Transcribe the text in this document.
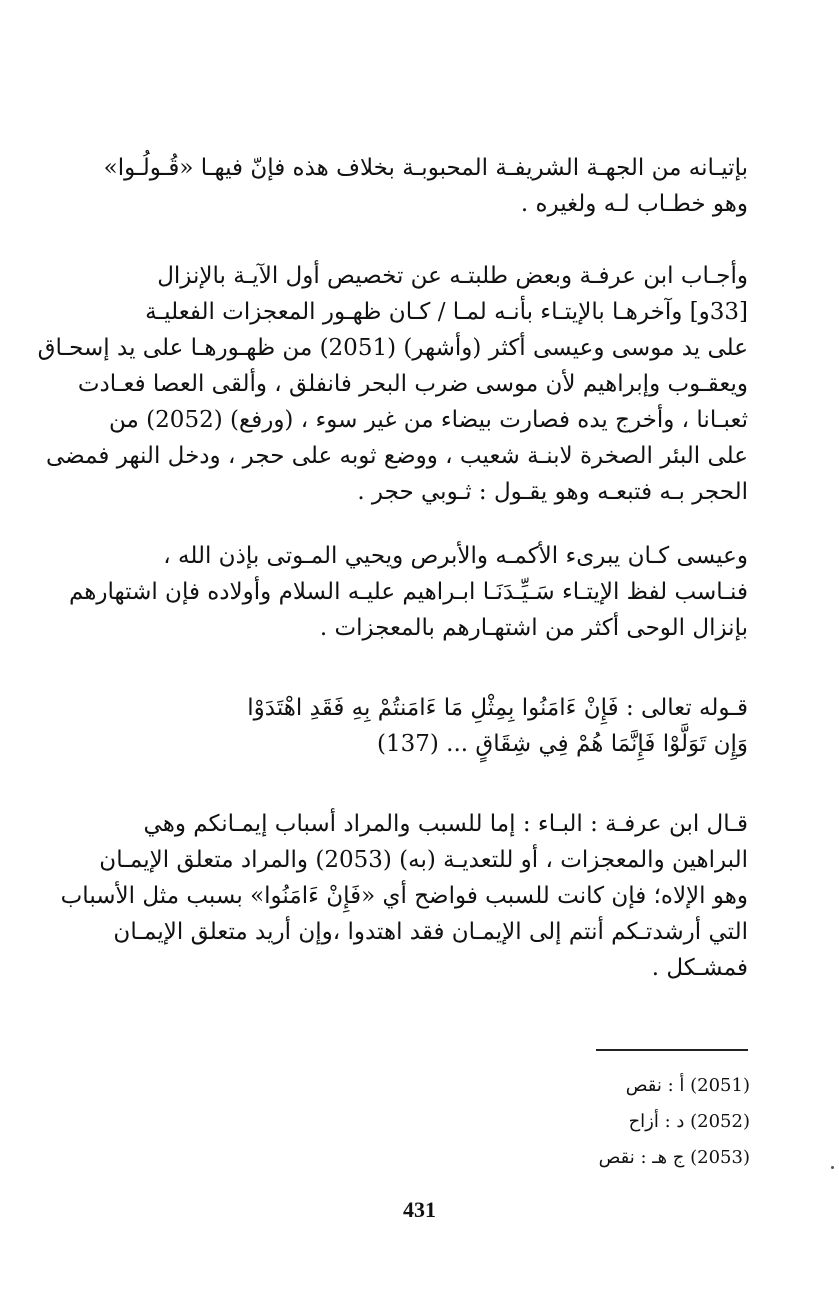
بإتيـانه من الجهـة الشريفـة المحبوبـة بخلاف هذه فإنّ فيهـا «قُـولُـوا»
وهو خطـاب لـه ولغيره .
وأجـاب ابن عرفـة وبعض طلبتـه عن تخصيص أول الآيـة بالإنزال
[33و] وآخرهـا بالإيتـاء بأنـه لمـا / كـان ظهـور المعجزات الفعليـة
على يد موسى وعيسى أكثر (وأشهر) (2051) من ظهـورهـا على يد إسحـاق
ويعقـوب وإبراهيم لأن موسى ضرب البحر فانفلق ، وألقى العصا فعـادت
ثعبـانا ، وأخرج يده فصارت بيضاء من غير سوء ، (ورفع) (2052) من
على البئر الصخرة لابنـة شعيب ، ووضع ثوبه على حجر ، ودخل النهر فمضى
الحجر بـه فتبعـه وهو يقـول : ثـوبي حجر .
وعيسى كـان يبرىء الأكمـه والأبرص ويحيي المـوتى بإذن الله ،
فنـاسب لفظ الإيتـاء سَـيِّـدَنَـا ابـراهيم عليـه السلام وأولاده فإن اشتهارهم
بإنزال الوحى أكثر من اشتهـارهم بالمعجزات .
قـوله تعالى : فَإِنْ ءَامَنُوا بِمِثْلِ مَا ءَامَنتُمْ بِهِ فَقَدِ اهْتَدَوْا
وَإِن تَوَلَّوْا فَإِنَّمَا هُمْ فِي شِقَاقٍ ... (137)
قـال ابن عرفـة : البـاء : إما للسبب والمراد أسباب إيمـانكم وهي
البراهين والمعجزات ، أو للتعديـة (به) (2053) والمراد متعلق الإيمـان
وهو الإلاه؛ فإن كانت للسبب فواضح أي «فَإِنْ ءَامَنُوا» بسبب مثل الأسباب
التي أرشدتـكم أنتم إلى الإيمـان فقد اهتدوا ،وإن أريد متعلق الإيمـان
فمشـكل .
(2051) أ : نقص
(2052) د : أزاح
(2053) ج هـ : نقص
431
